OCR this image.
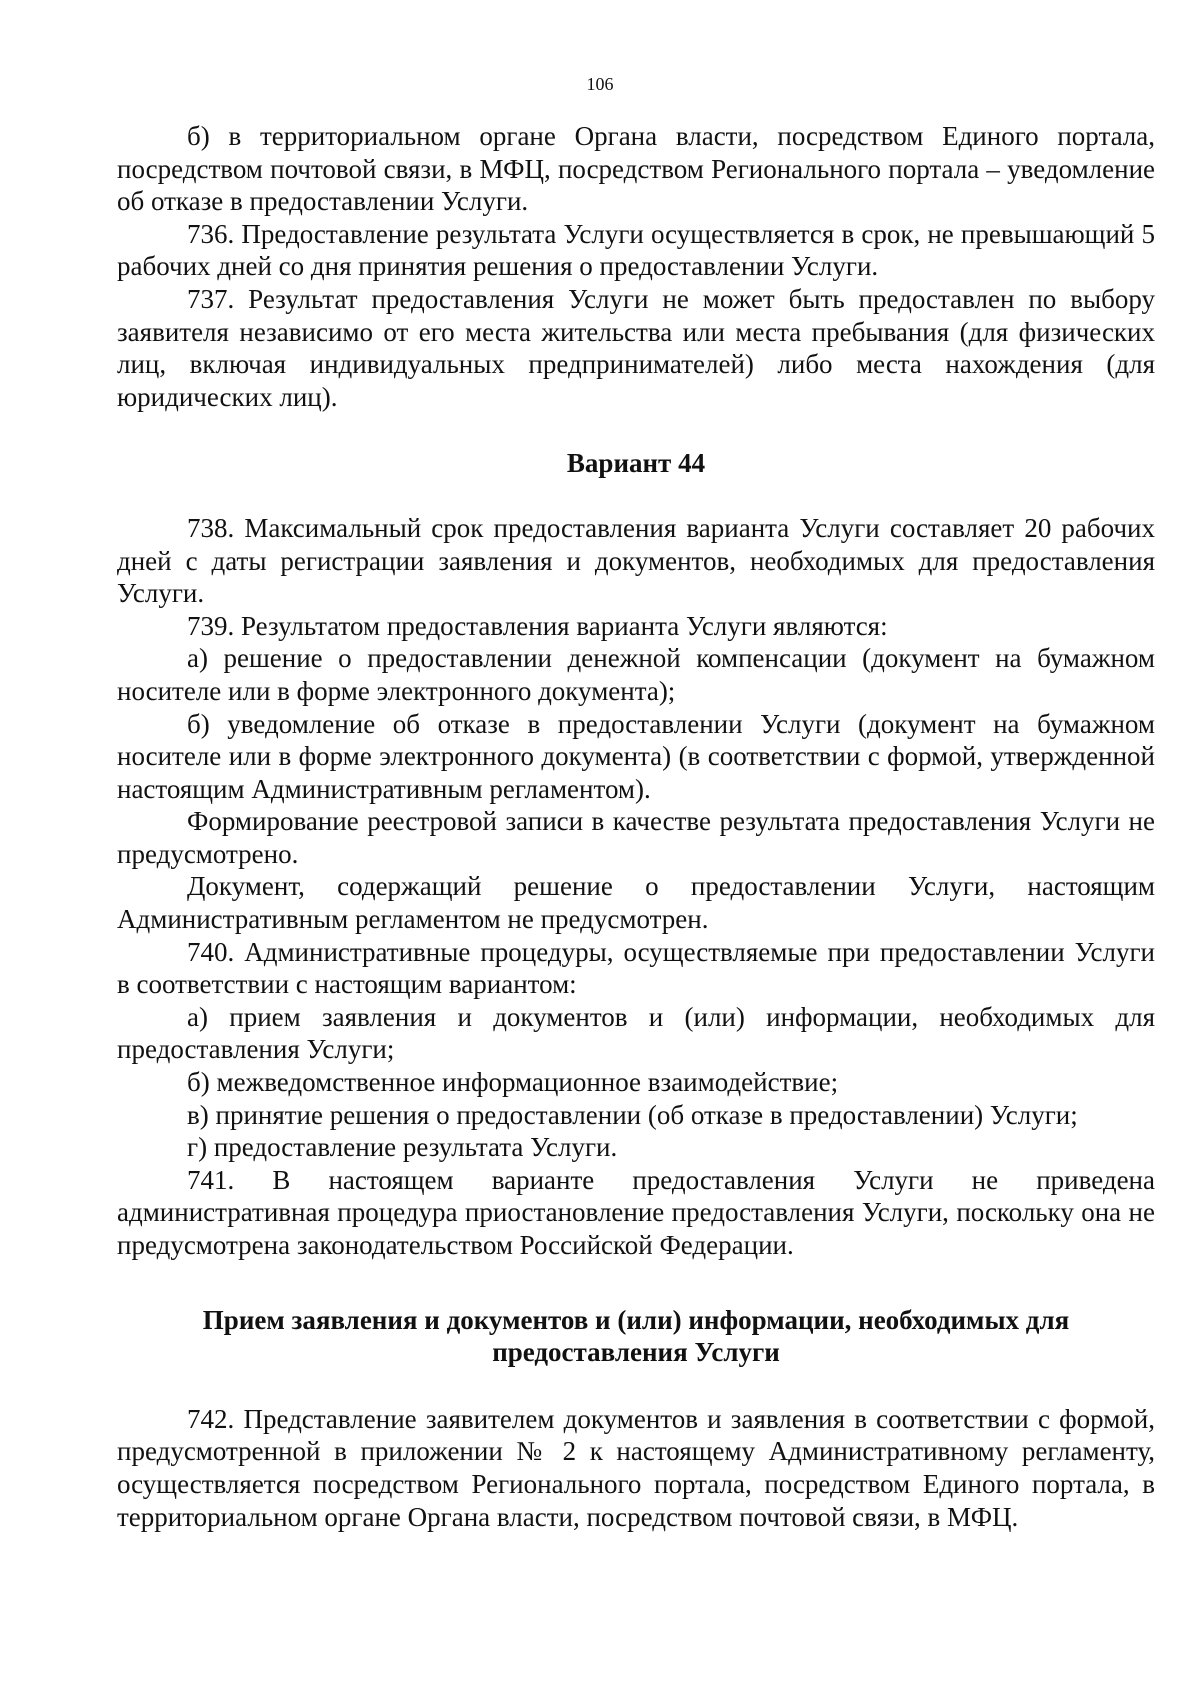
106

б) в территориальном органе Органа власти, посредством Единого портала, посредством почтовой связи, в МФЦ, посредством Регионального портала – уведомление об отказе в предоставлении Услуги.

736. Предоставление результата Услуги осуществляется в срок, не превышающий 5 рабочих дней со дня принятия решения о предоставлении Услуги.

737. Результат предоставления Услуги не может быть предоставлен по выбору заявителя независимо от его места жительства или места пребывания (для физических лиц, включая индивидуальных предпринимателей) либо места нахождения (для юридических лиц).

Вариант 44

738. Максимальный срок предоставления варианта Услуги составляет 20 рабочих дней с даты регистрации заявления и документов, необходимых для предоставления Услуги.

739. Результатом предоставления варианта Услуги являются:

а) решение о предоставлении денежной компенсации (документ на бумажном носителе или в форме электронного документа);

б) уведомление об отказе в предоставлении Услуги (документ на бумажном носителе или в форме электронного документа) (в соответствии с формой, утвержденной настоящим Административным регламентом).

Формирование реестровой записи в качестве результата предоставления Услуги не предусмотрено.

Документ, содержащий решение о предоставлении Услуги, настоящим Административным регламентом не предусмотрен.

740. Административные процедуры, осуществляемые при предоставлении Услуги в соответствии с настоящим вариантом:

а) прием заявления и документов и (или) информации, необходимых для предоставления Услуги;

б) межведомственное информационное взаимодействие;

в) принятие решения о предоставлении (об отказе в предоставлении) Услуги;

г) предоставление результата Услуги.

741. В настоящем варианте предоставления Услуги не приведена административная процедура приостановление предоставления Услуги, поскольку она не предусмотрена законодательством Российской Федерации.

Прием заявления и документов и (или) информации, необходимых для предоставления Услуги

742. Представление заявителем документов и заявления в соответствии с формой, предусмотренной в приложении № 2 к настоящему Административному регламенту, осуществляется посредством Регионального портала, посредством Единого портала, в территориальном органе Органа власти, посредством почтовой связи, в МФЦ.
